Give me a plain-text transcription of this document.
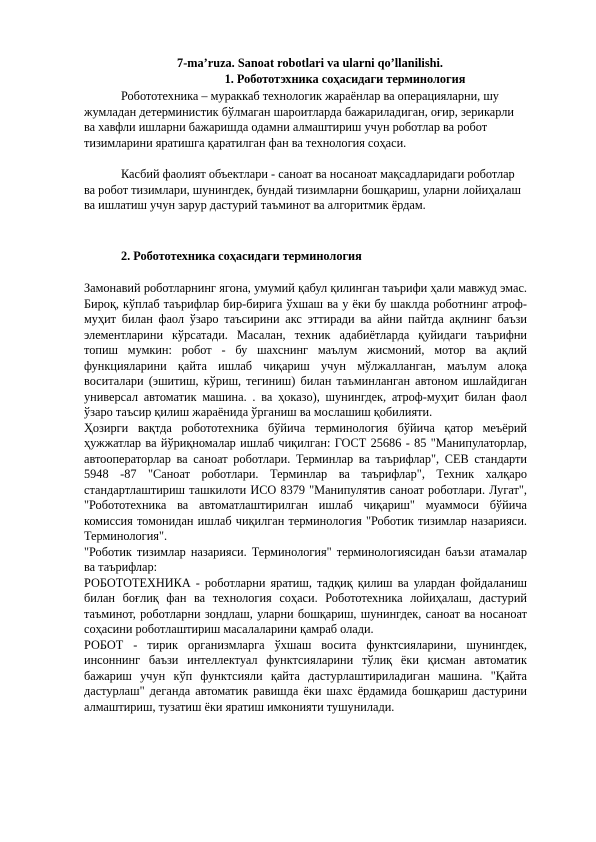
7-ma’ruza. Sanoat robotlari va ularni qo’llanilishi.
1. Робототэхника соҳасидаги терминология
Робототехника – мураккаб технологик жараёнлар ва операцияларни, шу жумладан детерминистик бўлмаган шароитларда бажариладиган, оғир, зерикарли ва хавфли ишларни бажаришда одамни алмаштириш учун роботлар ва робот тизимларини яратишга қаратилган фан ва технология соҳаси.
Касбий фаолият объектлари - саноат ва носаноат мақсадларидаги роботлар ва робот тизимлари, шунингдек, бундай тизимларни бошқариш, уларни лойиҳалаш ва ишлатиш учун зарур дастурий таъминот ва алгоритмик ёрдам.
2. Робототехника соҳасидаги терминология

Замонавий роботларнинг ягона, умумий қабул қилинган таърифи ҳали мавжуд эмас. Бироқ, кўплаб таърифлар бир-бирига ўхшаш ва у ёки бу шаклда роботнинг атроф-муҳит билан фаол ўзаро таъсирини акс эттиради ва айни пайтда ақлнинг баъзи элементларини кўрсатади. Масалан, техник адабиётларда қуйидаги таърифни топиш мумкин: робот - бу шахснинг маълум жисмоний, мотор ва ақлий функцияларини қайта ишлаб чиқариш учун мўлжалланган, маълум алоқа воситалари (эшитиш, кўриш, тегиниш) билан таъминланган автоном ишлайдиган универсал автоматик машина. . ва ҳоказо), шунингдек, атроф-муҳит билан фаол ўзаро таъсир қилиш жараёнида ўрганиш ва мослашиш қобилияти.

Ҳозирги вақтда робототехника бўйича терминология бўйича қатор меъёрий ҳужжатлар ва йўриқномалар ишлаб чиқилган: ГОСТ 25686 - 85 "Манипулаторлар, автооператорлар ва саноат роботлари. Терминлар ва таърифлар", СЕВ стандарти 5948 -87 "Саноат роботлари. Терминлар ва таърифлар", Техник халқаро стандартлаштириш ташкилоти ИСО 8379 "Манипулятив саноат роботлари. Лугат", "Робототехника ва автоматлаштирилган ишлаб чиқариш" муаммоси бўйича комиссия томонидан ишлаб чиқилган терминология "Роботик тизимлар назарияси. Терминология".

"Роботик тизимлар назарияси. Терминология" терминологиясидан баъзи атамалар ва таърифлар:

РОБОТОТЕХНИКА - роботларни яратиш, тадқиқ қилиш ва улардан фойдаланиш билан боғлиқ фан ва технология соҳаси. Робототехника лойиҳалаш, дастурий таъминот, роботларни зондлаш, уларни бошқариш, шунингдек, саноат ва носаноат соҳасини роботлаштириш масалаларини қамраб олади.

РОБОТ - тирик организмларга ўхшаш восита функтсияларини, шунингдек, инсоннинг баъзи интеллектуал функтсияларини тўлиқ ёки қисман автоматик бажариш учун кўп функтсияли қайта дастурлаштириладиган машина. "Қайта дастурлаш" деганда автоматик равишда ёки шахс ёрдамида бошқариш дастурини алмаштириш, тузатиш ёки яратиш имконияти тушунилади.
